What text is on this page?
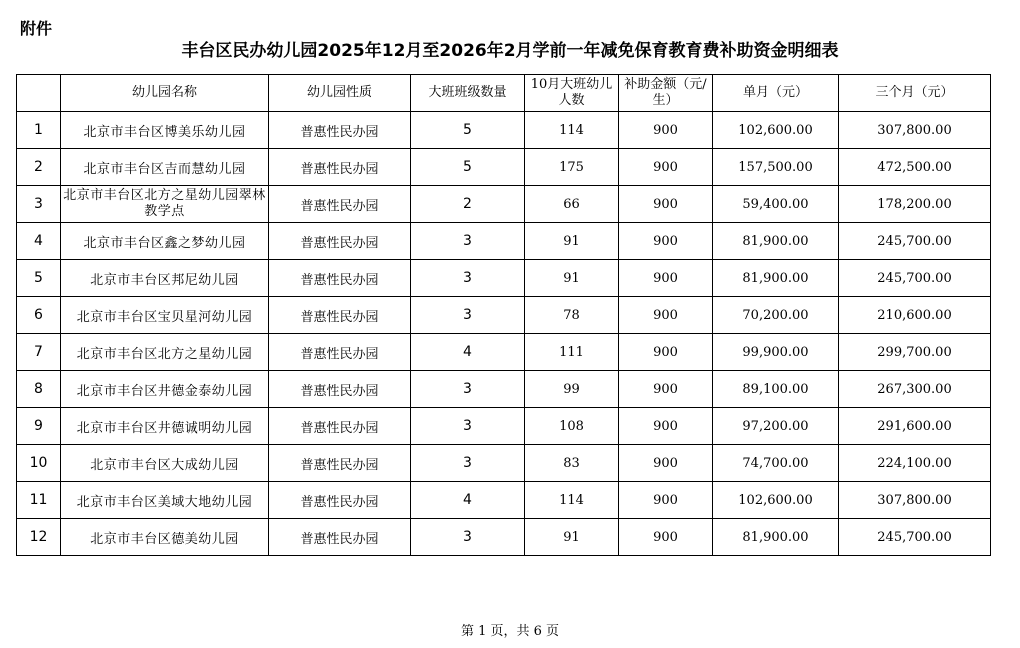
附件
丰台区民办幼儿园2025年12月至2026年2月学前一年减免保育教育费补助资金明细表
	幼儿园名称	幼儿园性质	大班班级数量	10月大班幼儿人数	补助金额（元/生）	单月（元）	三个月（元）
1	北京市丰台区博美乐幼儿园	普惠性民办园	5	114	900	102,600.00	307,800.00
2	北京市丰台区吉而慧幼儿园	普惠性民办园	5	175	900	157,500.00	472,500.00
3	北京市丰台区北方之星幼儿园翠林教学点	普惠性民办园	2	66	900	59,400.00	178,200.00
4	北京市丰台区鑫之梦幼儿园	普惠性民办园	3	91	900	81,900.00	245,700.00
5	北京市丰台区邦尼幼儿园	普惠性民办园	3	91	900	81,900.00	245,700.00
6	北京市丰台区宝贝星河幼儿园	普惠性民办园	3	78	900	70,200.00	210,600.00
7	北京市丰台区北方之星幼儿园	普惠性民办园	4	111	900	99,900.00	299,700.00
8	北京市丰台区井德金泰幼儿园	普惠性民办园	3	99	900	89,100.00	267,300.00
9	北京市丰台区井德诚明幼儿园	普惠性民办园	3	108	900	97,200.00	291,600.00
10	北京市丰台区大成幼儿园	普惠性民办园	3	83	900	74,700.00	224,100.00
11	北京市丰台区美域大地幼儿园	普惠性民办园	4	114	900	102,600.00	307,800.00
12	北京市丰台区德美幼儿园	普惠性民办园	3	91	900	81,900.00	245,700.00
第 1 页，共 6 页
